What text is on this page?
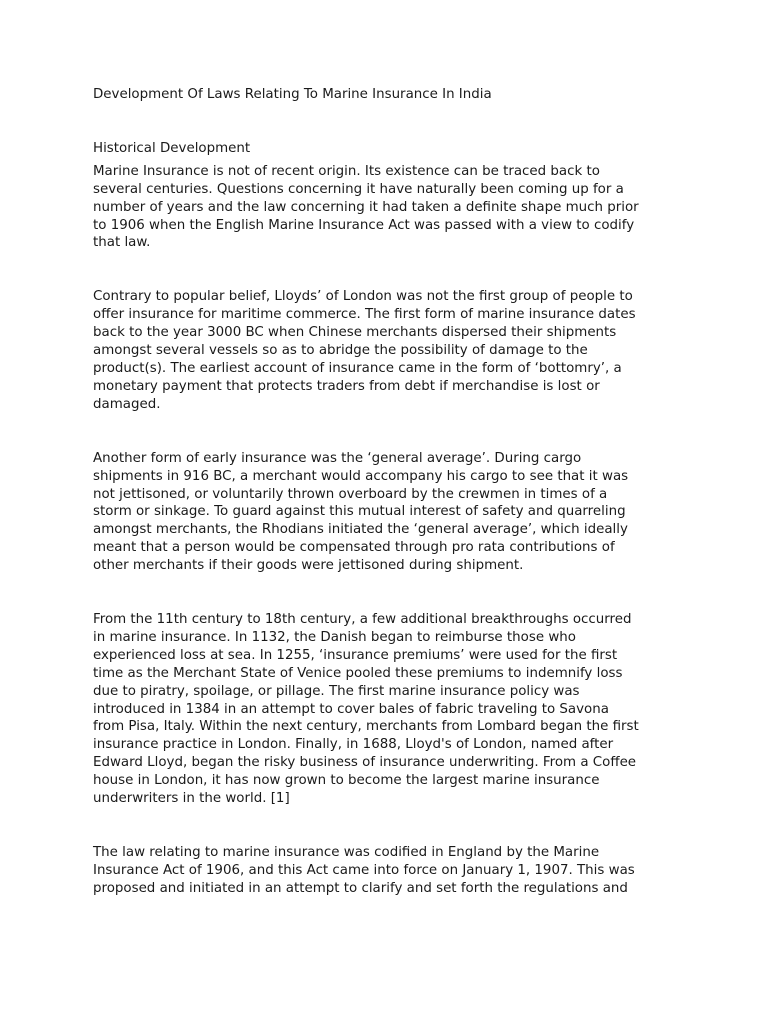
Development Of Laws Relating To Marine Insurance In India
Historical Development

Marine Insurance is not of recent origin. Its existence can be traced back to
several centuries. Questions concerning it have naturally been coming up for a
number of years and the law concerning it had taken a definite shape much prior
to 1906 when the English Marine Insurance Act was passed with a view to codify
that law.

Contrary to popular belief, Lloyds’ of London was not the first group of people to
offer insurance for maritime commerce. The first form of marine insurance dates
back to the year 3000 BC when Chinese merchants dispersed their shipments
amongst several vessels so as to abridge the possibility of damage to the
product(s). The earliest account of insurance came in the form of ‘bottomry’, a
monetary payment that protects traders from debt if merchandise is lost or
damaged.

Another form of early insurance was the ‘general average’. During cargo
shipments in 916 BC, a merchant would accompany his cargo to see that it was
not jettisoned, or voluntarily thrown overboard by the crewmen in times of a
storm or sinkage. To guard against this mutual interest of safety and quarreling
amongst merchants, the Rhodians initiated the ‘general average’, which ideally
meant that a person would be compensated through pro rata contributions of
other merchants if their goods were jettisoned during shipment.

From the 11th century to 18th century, a few additional breakthroughs occurred
in marine insurance. In 1132, the Danish began to reimburse those who
experienced loss at sea. In 1255, ‘insurance premiums’ were used for the first
time as the Merchant State of Venice pooled these premiums to indemnify loss
due to piratry, spoilage, or pillage. The first marine insurance policy was
introduced in 1384 in an attempt to cover bales of fabric traveling to Savona
from Pisa, Italy. Within the next century, merchants from Lombard began the first
insurance practice in London. Finally, in 1688, Lloyd's of London, named after
Edward Lloyd, began the risky business of insurance underwriting. From a Coffee
house in London, it has now grown to become the largest marine insurance
underwriters in the world. [1]

The law relating to marine insurance was codified in England by the Marine
Insurance Act of 1906, and this Act came into force on January 1, 1907. This was
proposed and initiated in an attempt to clarify and set forth the regulations and
